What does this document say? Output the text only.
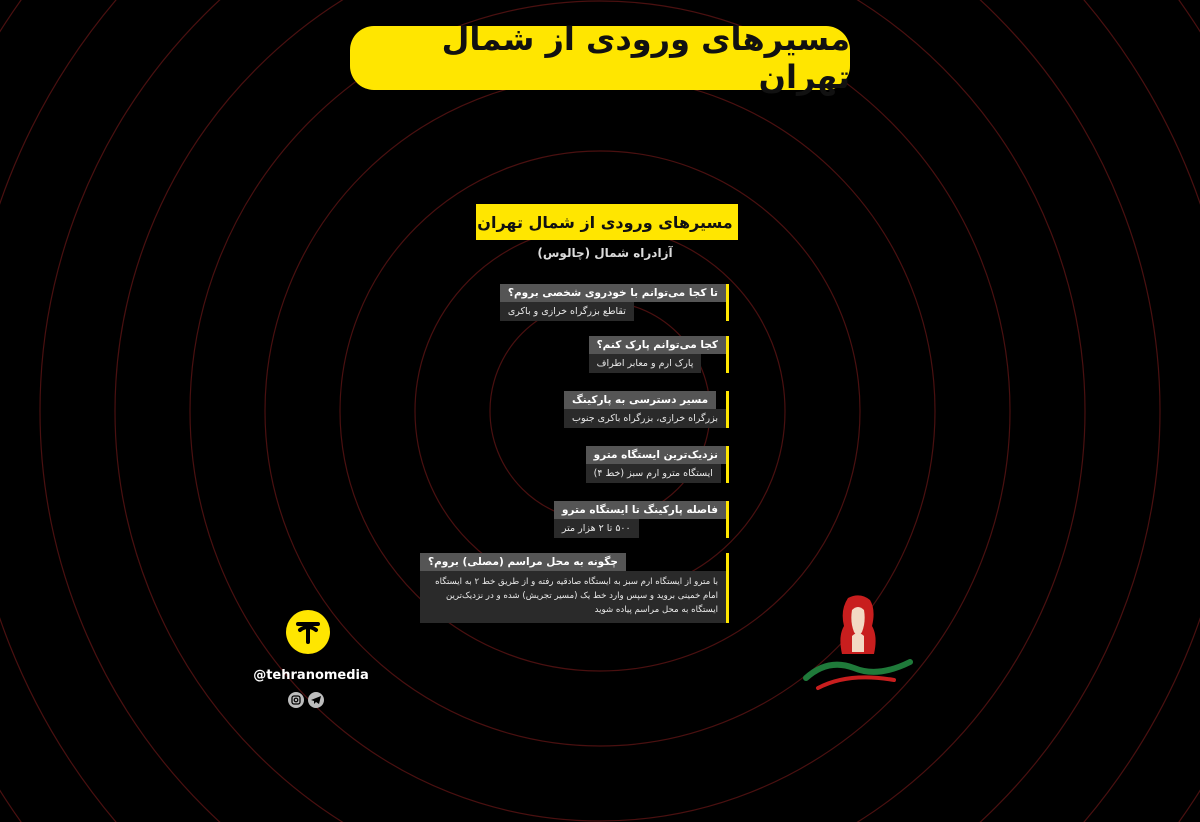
مسیرهای ورودی از شمال تهران
مسیرهای ورودی از شمال تهران
آزادراه شمال (چالوس)
تا کجا می‌توانم با خودروی شخصی بروم؟
تقاطع بزرگراه خرازی و باکری
کجا می‌توانم پارک کنم؟
پارک ارم و معابر اطراف
مسیر دسترسی به پارکینگ
بزرگراه خرازی، بزرگراه باکری جنوب
نزدیک‌ترین ایستگاه مترو
ایستگاه مترو ارم سبز (خط ۴)
فاصله پارکینگ تا ایستگاه مترو
۵۰۰ تا ۲ هزار متر
چگونه به محل مراسم (مصلی) بروم؟
با مترو از ایستگاه ارم سبز به ایستگاه صادقیه رفته و از طریق خط ۲ به ایستگاه امام خمینی بروید و سپس وارد خط یک (مسیر تجریش) شده و در نزدیک‌ترین ایستگاه به محل مراسم پیاده شوید
@tehranomedia
